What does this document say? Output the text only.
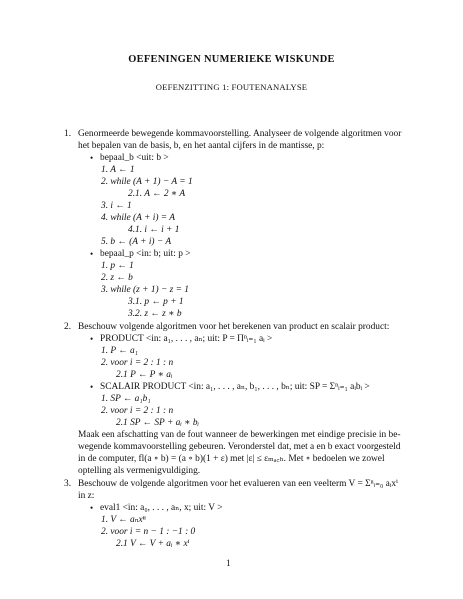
OEFENINGEN NUMERIEKE WISKUNDE
OEFENZITTING 1: FOUTENANALYSE
1. Genormeerde bewegende kommavoorstelling. Analyseer de volgende algoritmen voor
het bepalen van de basis, b, en het aantal cijfers in de mantisse, p:
• bepaal_b <uit: b >
1. A ← 1
2. while (A + 1) − A = 1
2.1. A ← 2 ∗ A
3. i ← 1
4. while (A + i) = A
4.1. i ← i + 1
5. b ← (A + i) − A
• bepaal_p <in: b; uit: p >
1. p ← 1
2. z ← b
3. while (z + 1) − z = 1
3.1. p ← p + 1
3.2. z ← z ∗ b
2. Beschouw volgende algoritmen voor het berekenen van product en scalair product:
• PRODUCT <in: a₁, . . . , aₙ; uit: P = Πⁿᵢ₌₁ aᵢ >
1. P ← a₁
2. voor i = 2 : 1 : n
2.1 P ← P ∗ aᵢ
• SCALAIR PRODUCT <in: a₁, . . . , aₙ, b₁, . . . , bₙ; uit: SP = Σⁿᵢ₌₁ aᵢbᵢ >
1. SP ← a₁b₁
2. voor i = 2 : 1 : n
2.1 SP ← SP + aᵢ ∗ bᵢ
Maak een afschatting van de fout wanneer de bewerkingen met eindige precisie in be-
wegende kommavoorstelling gebeuren. Veronderstel dat, met a en b exact voorgesteld
in de computer, fl(a ∘ b) = (a ∘ b)(1 + ε) met |ε| ≤ εₘₐ꜀ₕ. Met ∘ bedoelen we zowel
optelling als vermenigvuldiging.
3. Beschouw de volgende algoritmen voor het evalueren van een veelterm V = Σⁿᵢ₌₀ aᵢxⁱ
in z:
• eval1 <in: a₀, . . . , aₙ, x; uit: V >
1. V ← aₙxⁿ
2. voor i = n − 1 : −1 : 0
2.1 V ← V + aᵢ ∗ xⁱ
1
